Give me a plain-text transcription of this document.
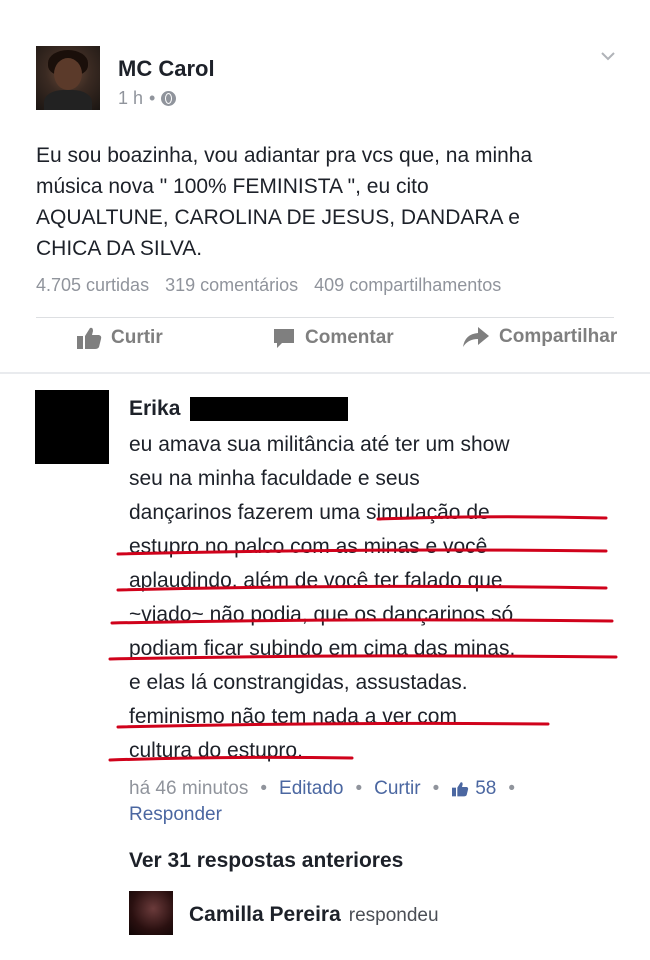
MC Carol
1 h •
Eu sou boazinha, vou adiantar pra vcs que, na minha
música nova " 100% FEMINISTA ", eu cito
AQUALTUNE, CAROLINA DE JESUS, DANDARA e
CHICA DA SILVA.
4.705 curtidas 319 comentários 409 compartilhamentos
Curtir	Comentar	Compartilhar
Erika
eu amava sua militância até ter um show
seu na minha faculdade e seus
dançarinos fazerem uma simulação de
estupro no palco com as minas e você
aplaudindo. além de você ter falado que
~viado~ não podia, que os dançarinos só
podiam ficar subindo em cima das minas.
e elas lá constrangidas, assustadas.
feminismo não tem nada a ver com
cultura do estupro.
há 46 minutos • Editado • Curtir • 58 •
Responder
Ver 31 respostas anteriores
Camilla Pereira respondeu
